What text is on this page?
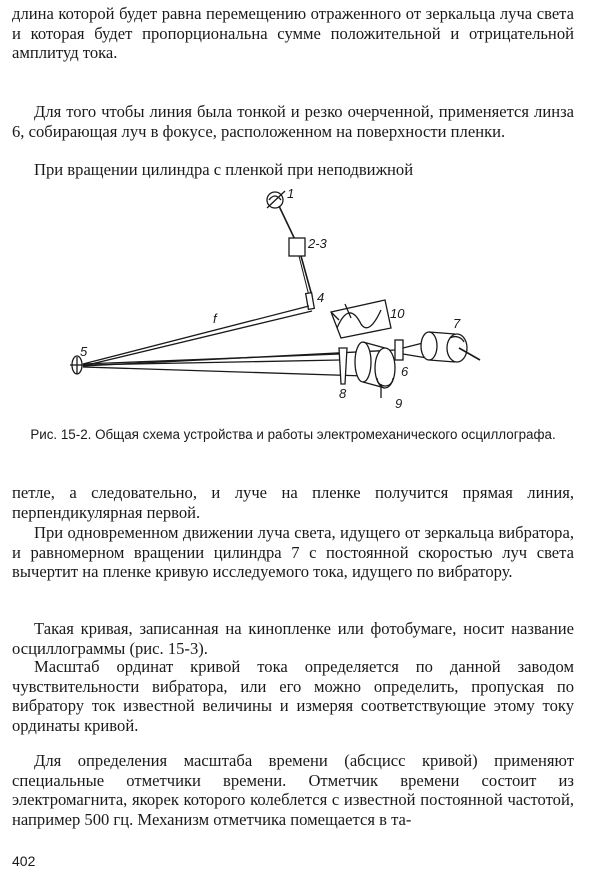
длина которой будет равна перемещению отраженного от зеркальца луча света и которая будет пропорциональна сумме положительной и отрицательной амплитуд тока.

Для того чтобы линия была тонкой и резко очерченной, применяется линза 6, собирающая луч в фокусе, расположенном на поверхности пленки.

При вращении цилиндра с пленкой при неподвижной

1
2-3
4
f
5
6
7
8
9
10

Рис. 15-2. Общая схема устройства и работы электромеханического осциллографа.

петле, а следовательно, и луче на пленке получится прямая линия, перпендикулярная первой.

При одновременном движении луча света, идущего от зеркальца вибратора, и равномерном вращении цилиндра 7 с постоянной скоростью луч света вычертит на пленке кривую исследуемого тока, идущего по вибратору.

Такая кривая, записанная на кинопленке или фотобумаге, носит название осциллограммы (рис. 15-3).

Масштаб ординат кривой тока определяется по данной заводом чувствительности вибратора, или его можно определить, пропуская по вибратору ток известной величины и измеряя соответствующие этому току ординаты кривой.

Для определения масштаба времени (абсцисс кривой) применяют специальные отметчики времени. Отметчик времени состоит из электромагнита, якорек которого колеблется с известной постоянной частотой, например 500 гц. Механизм отметчика помещается в та-

402
